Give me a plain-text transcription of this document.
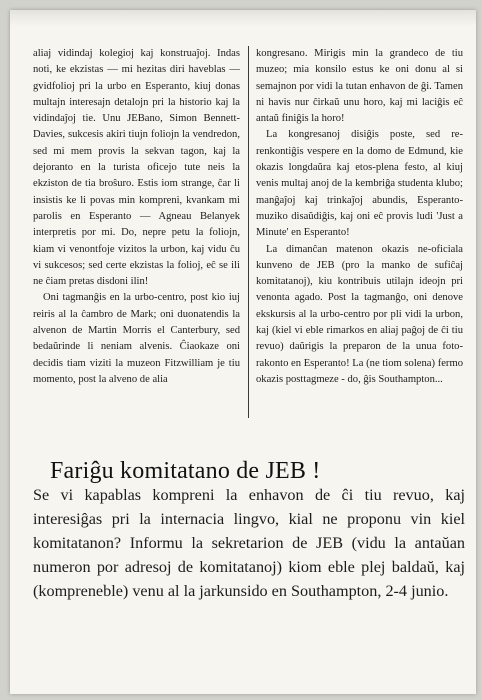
aliaj vidindaj kolegioj kaj konstruaĵoj. Indas noti, ke ekzistas — mi hezitas diri haveblas — gvidfolioj pri la urbo en Esperanto, kiuj donas multajn interesajn detalojn pri la historio kaj la vidindaĵoj tie. Unu JEBano, Simon Bennett-Davies, sukcesis akiri tiujn foliojn la vendredon, sed mi mem provis la sekvan tagon, kaj la dejoranto en la turista oficejo tute neis la ekziston de tia broŝuro. Estis iom strange, ĉar li insistis ke li povas min kompreni, kvankam mi parolis en Esperanto — Agneau Belanyek interpretis por mi. Do, nepre petu la foliojn, kiam vi venontfoje vizitos la urbon, kaj vidu ĉu vi sukcesos; sed certe ekzistas la folioj, eĉ se ili ne ĉiam pretas disdoni ilin!

Oni tagmanĝis en la urbo-centro, post kio iuj reiris al la ĉambro de Mark; oni duonatendis la alvenon de Martin Morris el Canterbury, sed bedaŭrinde li neniam alvenis. Ĉiaokaze oni decidis tiam viziti la muzeon Fitzwilliam je tiu momento, post la alveno de alia

kongresano. Mirigis min la grandeco de tiu muzeo; mia konsilo estus ke oni donu al si semajnon por vidi la tutan enhavon de ĝi. Tamen ni havis nur ĉirkaŭ unu horo, kaj mi laciĝis eĉ antaŭ finiĝis la horo!

La kongresanoj disiĝis poste, sed re-renkontiĝis vespere en la domo de Edmund, kie okazis longdaŭra kaj etos-plena festo, al kiuj venis multaj anoj de la kembriĝa studenta klubo; manĝaĵoj kaj trinkaĵoj abundis, Esperanto-muziko disaŭdiĝis, kaj oni eĉ provis ludi 'Just a Minute' en Esperanto!

La dimanĉan matenon okazis ne-oficiala kunveno de JEB (pro la manko de sufiĉaj komitatanoj), kiu kontribuis utilajn ideojn pri venonta agado. Post la tagmanĝo, oni denove ekskursis al la urbo-centro por pli vidi la urbon, kaj (kiel vi eble rimarkos en aliaj paĝoj de ĉi tiu revuo) daŭrigis la preparon de la unua foto-rakonto en Esperanto! La (ne tiom solena) fermo okazis posttagmeze - do, ĝis Southampton...

Fariĝu komitatano de JEB !
Se vi kapablas kompreni la enhavon de ĉi tiu revuo, kaj interesiĝas pri la internacia lingvo, kial ne proponu vin kiel komitatanon? Informu la sekretarion de JEB (vidu la antaŭan numeron por adresoj de komitatanoj) kiom eble plej baldaŭ, kaj (kompreneble) venu al la jarkunsido en Southampton, 2-4 junio.
